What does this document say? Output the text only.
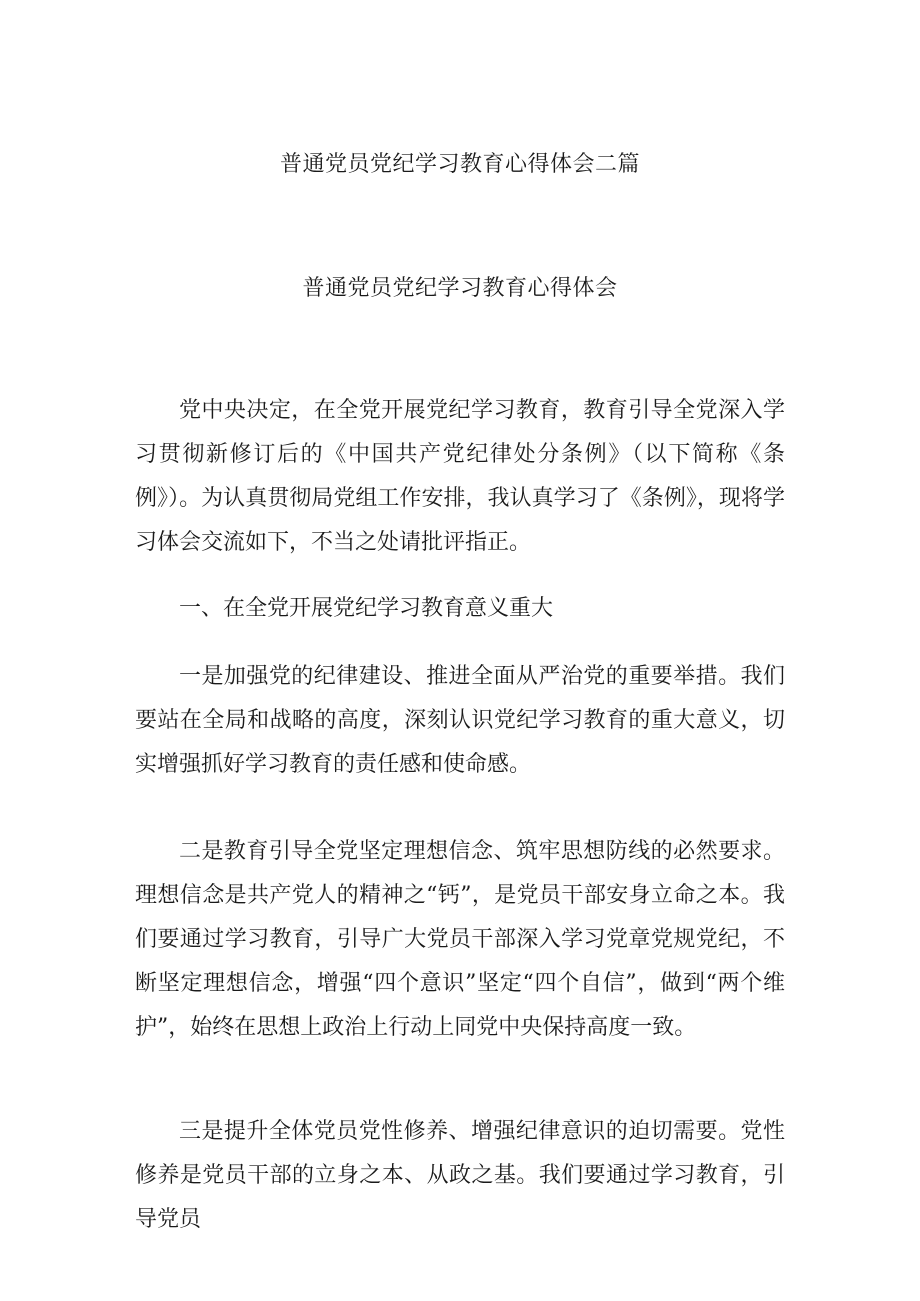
普通党员党纪学习教育心得体会二篇
普通党员党纪学习教育心得体会

党中央决定，在全党开展党纪学习教育，教育引导全党深入学习贯彻新修订后的《中国共产党纪律处分条例》（以下简称《条例》）。为认真贯彻局党组工作安排，我认真学习了《条例》，现将学习体会交流如下，不当之处请批评指正。

一、在全党开展党纪学习教育意义重大

一是加强党的纪律建设、推进全面从严治党的重要举措。我们要站在全局和战略的高度，深刻认识党纪学习教育的重大意义，切实增强抓好学习教育的责任感和使命感。

二是教育引导全党坚定理想信念、筑牢思想防线的必然要求。理想信念是共产党人的精神之“钙”，是党员干部安身立命之本。我们要通过学习教育，引导广大党员干部深入学习党章党规党纪，不断坚定理想信念，增强“四个意识”坚定“四个自信”，做到“两个维护”，始终在思想上政治上行动上同党中央保持高度一致。

三是提升全体党员党性修养、增强纪律意识的迫切需要。党性修养是党员干部的立身之本、从政之基。我们要通过学习教育，引导党员
